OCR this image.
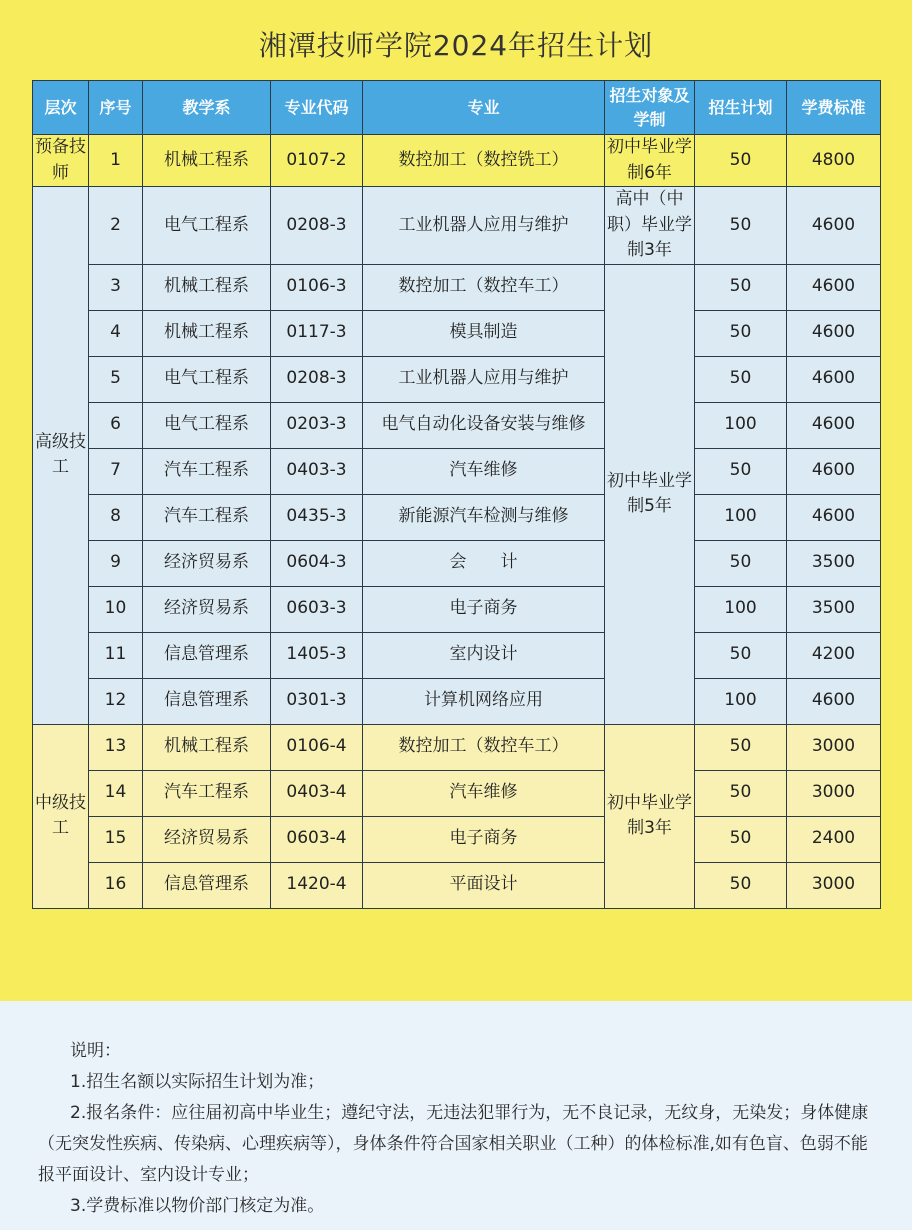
湘潭技师学院2024年招生计划
层次	序号	教学系	专业代码	专业	招生对象及学制	招生计划	学费标准
预备技师	1	机械工程系	0107-2	数控加工（数控铣工）	初中毕业学制6年	50	4800
高级技工	2	电气工程系	0208-3	工业机器人应用与维护	高中（中职）毕业学制3年	50	4600
	3	机械工程系	0106-3	数控加工（数控车工）	初中毕业学制5年	50	4600
	4	机械工程系	0117-3	模具制造		50	4600
	5	电气工程系	0208-3	工业机器人应用与维护		50	4600
	6	电气工程系	0203-3	电气自动化设备安装与维修		100	4600
	7	汽车工程系	0403-3	汽车维修		50	4600
	8	汽车工程系	0435-3	新能源汽车检测与维修		100	4600
	9	经济贸易系	0604-3	会　　计		50	3500
	10	经济贸易系	0603-3	电子商务		100	3500
	11	信息管理系	1405-3	室内设计		50	4200
	12	信息管理系	0301-3	计算机网络应用		100	4600
中级技工	13	机械工程系	0106-4	数控加工（数控车工）	初中毕业学制3年	50	3000
	14	汽车工程系	0403-4	汽车维修		50	3000
	15	经济贸易系	0603-4	电子商务		50	2400
	16	信息管理系	1420-4	平面设计		50	3000

说明：

1.招生名额以实际招生计划为准；

2.报名条件：应往届初高中毕业生；遵纪守法，无违法犯罪行为，无不良记录，无纹身，无染发；身体健康（无突发性疾病、传染病、心理疾病等），身体条件符合国家相关职业（工种）的体检标准,如有色盲、色弱不能报平面设计、室内设计专业；

3.学费标准以物价部门核定为准。
